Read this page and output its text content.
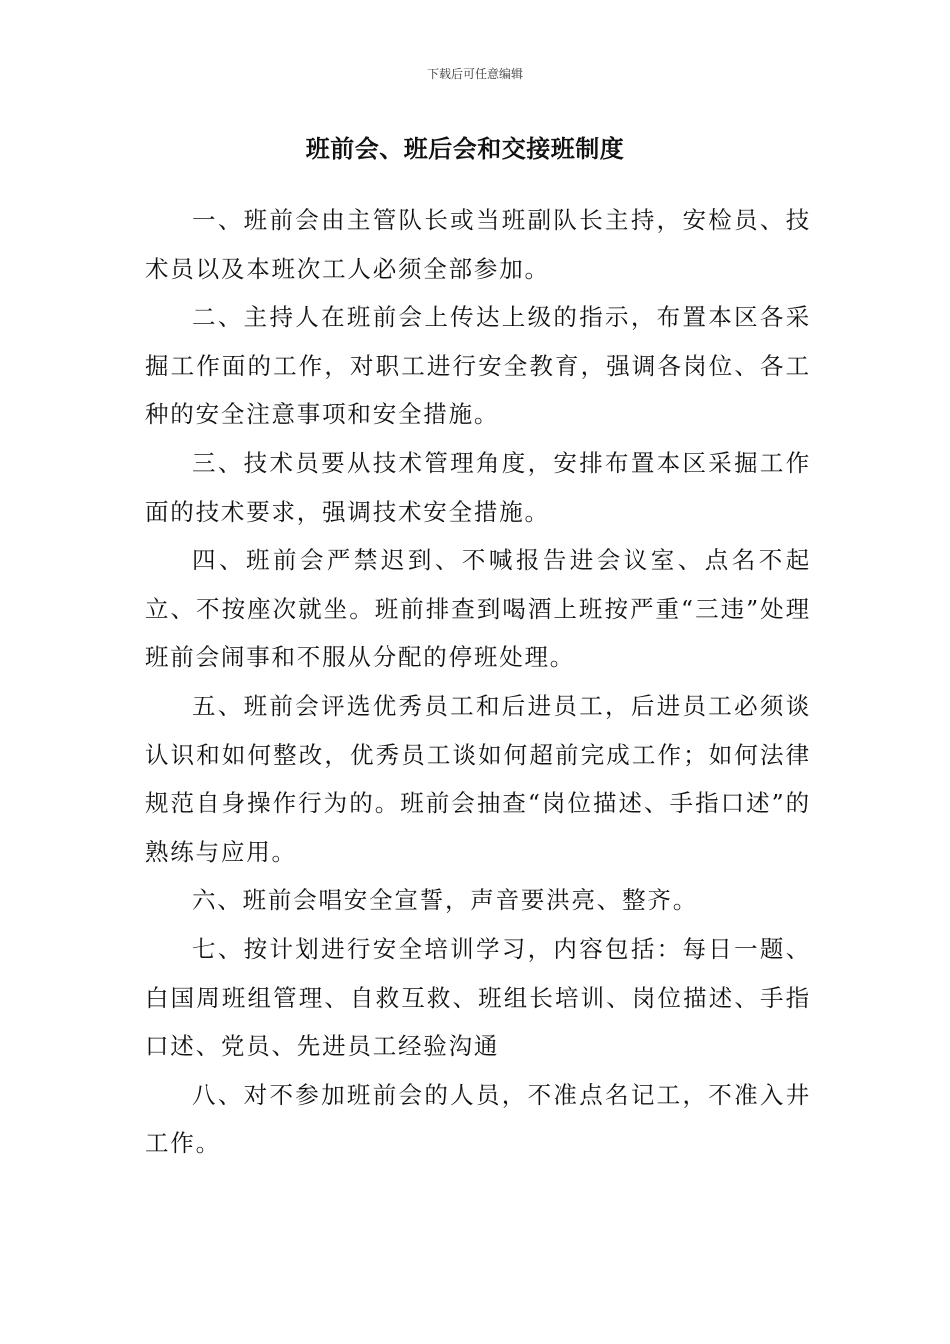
下载后可任意编辑
班前会、班后会和交接班制度

一、班前会由主管队长或当班副队长主持，安检员、技术员以及本班次工人必须全部参加。

二、主持人在班前会上传达上级的指示，布置本区各采掘工作面的工作，对职工进行安全教育，强调各岗位、各工种的安全注意事项和安全措施。

三、技术员要从技术管理角度，安排布置本区采掘工作面的技术要求，强调技术安全措施。

四、班前会严禁迟到、不喊报告进会议室、点名不起立、不按座次就坐。班前排查到喝酒上班按严重“三违”处理班前会闹事和不服从分配的停班处理。

五、班前会评选优秀员工和后进员工，后进员工必须谈认识和如何整改，优秀员工谈如何超前完成工作；如何法律规范自身操作行为的。班前会抽查“岗位描述、手指口述”的熟练与应用。

六、班前会唱安全宣誓，声音要洪亮、整齐。

七、按计划进行安全培训学习，内容包括：每日一题、白国周班组管理、自救互救、班组长培训、岗位描述、手指口述、党员、先进员工经验沟通

八、对不参加班前会的人员，不准点名记工，不准入井工作。
